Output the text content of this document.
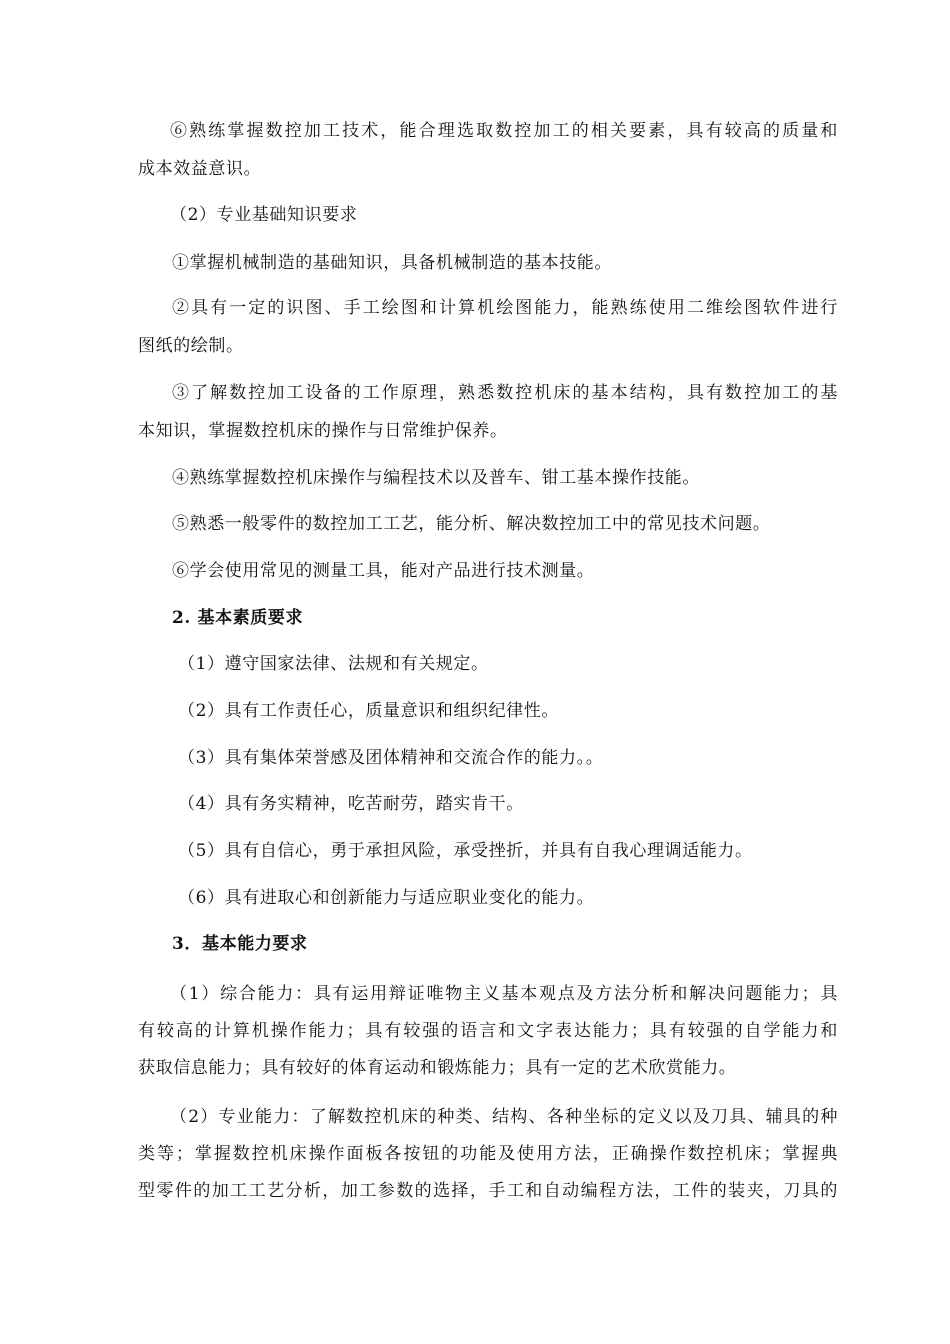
⑥熟练掌握数控加工技术，能合理选取数控加工的相关要素，具有较高的质量和
成本效益意识。
（2）专业基础知识要求
①掌握机械制造的基础知识，具备机械制造的基本技能。
②具有一定的识图、手工绘图和计算机绘图能力，能熟练使用二维绘图软件进行
图纸的绘制。
③了解数控加工设备的工作原理，熟悉数控机床的基本结构，具有数控加工的基
本知识，掌握数控机床的操作与日常维护保养。
④熟练掌握数控机床操作与编程技术以及普车、钳工基本操作技能。
⑤熟悉一般零件的数控加工工艺，能分析、解决数控加工中的常见技术问题。
⑥学会使用常见的测量工具，能对产品进行技术测量。
2. 基本素质要求
（1）遵守国家法律、法规和有关规定。
（2）具有工作责任心，质量意识和组织纪律性。
（3）具有集体荣誉感及团体精神和交流合作的能力。。
（4）具有务实精神，吃苦耐劳，踏实肯干。
（5）具有自信心，勇于承担风险，承受挫折，并具有自我心理调适能力。
（6）具有进取心和创新能力与适应职业变化的能力。
3．基本能力要求
（1）综合能力：具有运用辩证唯物主义基本观点及方法分析和解决问题能力；具
有较高的计算机操作能力；具有较强的语言和文字表达能力；具有较强的自学能力和
获取信息能力；具有较好的体育运动和锻炼能力；具有一定的艺术欣赏能力。
（2）专业能力：了解数控机床的种类、结构、各种坐标的定义以及刀具、辅具的种
类等；掌握数控机床操作面板各按钮的功能及使用方法，正确操作数控机床；掌握典
型零件的加工工艺分析，加工参数的选择，手工和自动编程方法，工件的装夹，刀具的
